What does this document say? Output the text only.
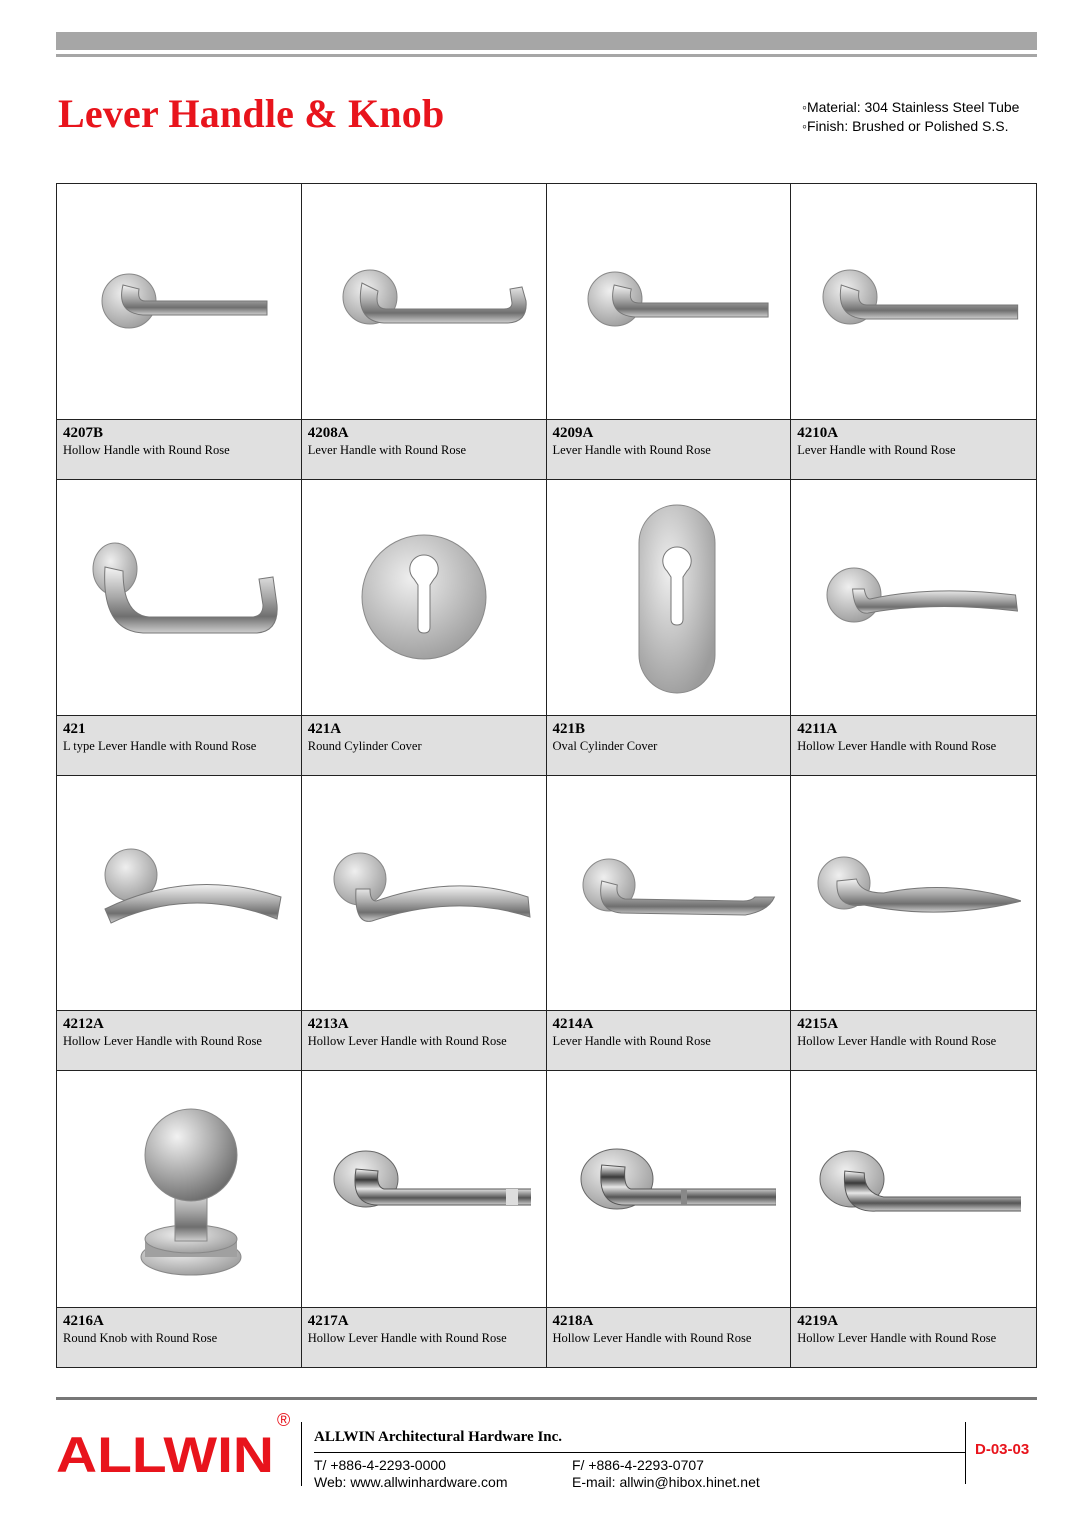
Lever Handle & Knob
◦	Material: 304 Stainless Steel Tube
◦ Finish: Brushed or Polished S.S.
4207B
Hollow Handle with Round Rose
4208A
Lever Handle with Round Rose
4209A
Lever Handle with Round Rose
4210A
Lever Handle with Round Rose
421
L type Lever Handle with Round Rose
421A
Round Cylinder Cover
421B
Oval Cylinder Cover
4211A
Hollow Lever Handle with Round Rose
4212A
Hollow Lever Handle with Round Rose
4213A
Hollow Lever Handle with Round Rose
4214A
Lever Handle with Round Rose
4215A
Hollow Lever Handle with Round Rose
4216A
Round Knob with Round Rose
4217A
Hollow Lever Handle with Round Rose
4218A
Hollow Lever Handle with Round Rose
4219A
Hollow Lever Handle with Round Rose
ALLWIN
®
ALLWIN Architectural Hardware Inc.
T/ +886-4-2293-0000
Web: www.allwinhardware.com
F/ +886-4-2293-0707
E-mail: allwin@hibox.hinet.net
D-03-03
